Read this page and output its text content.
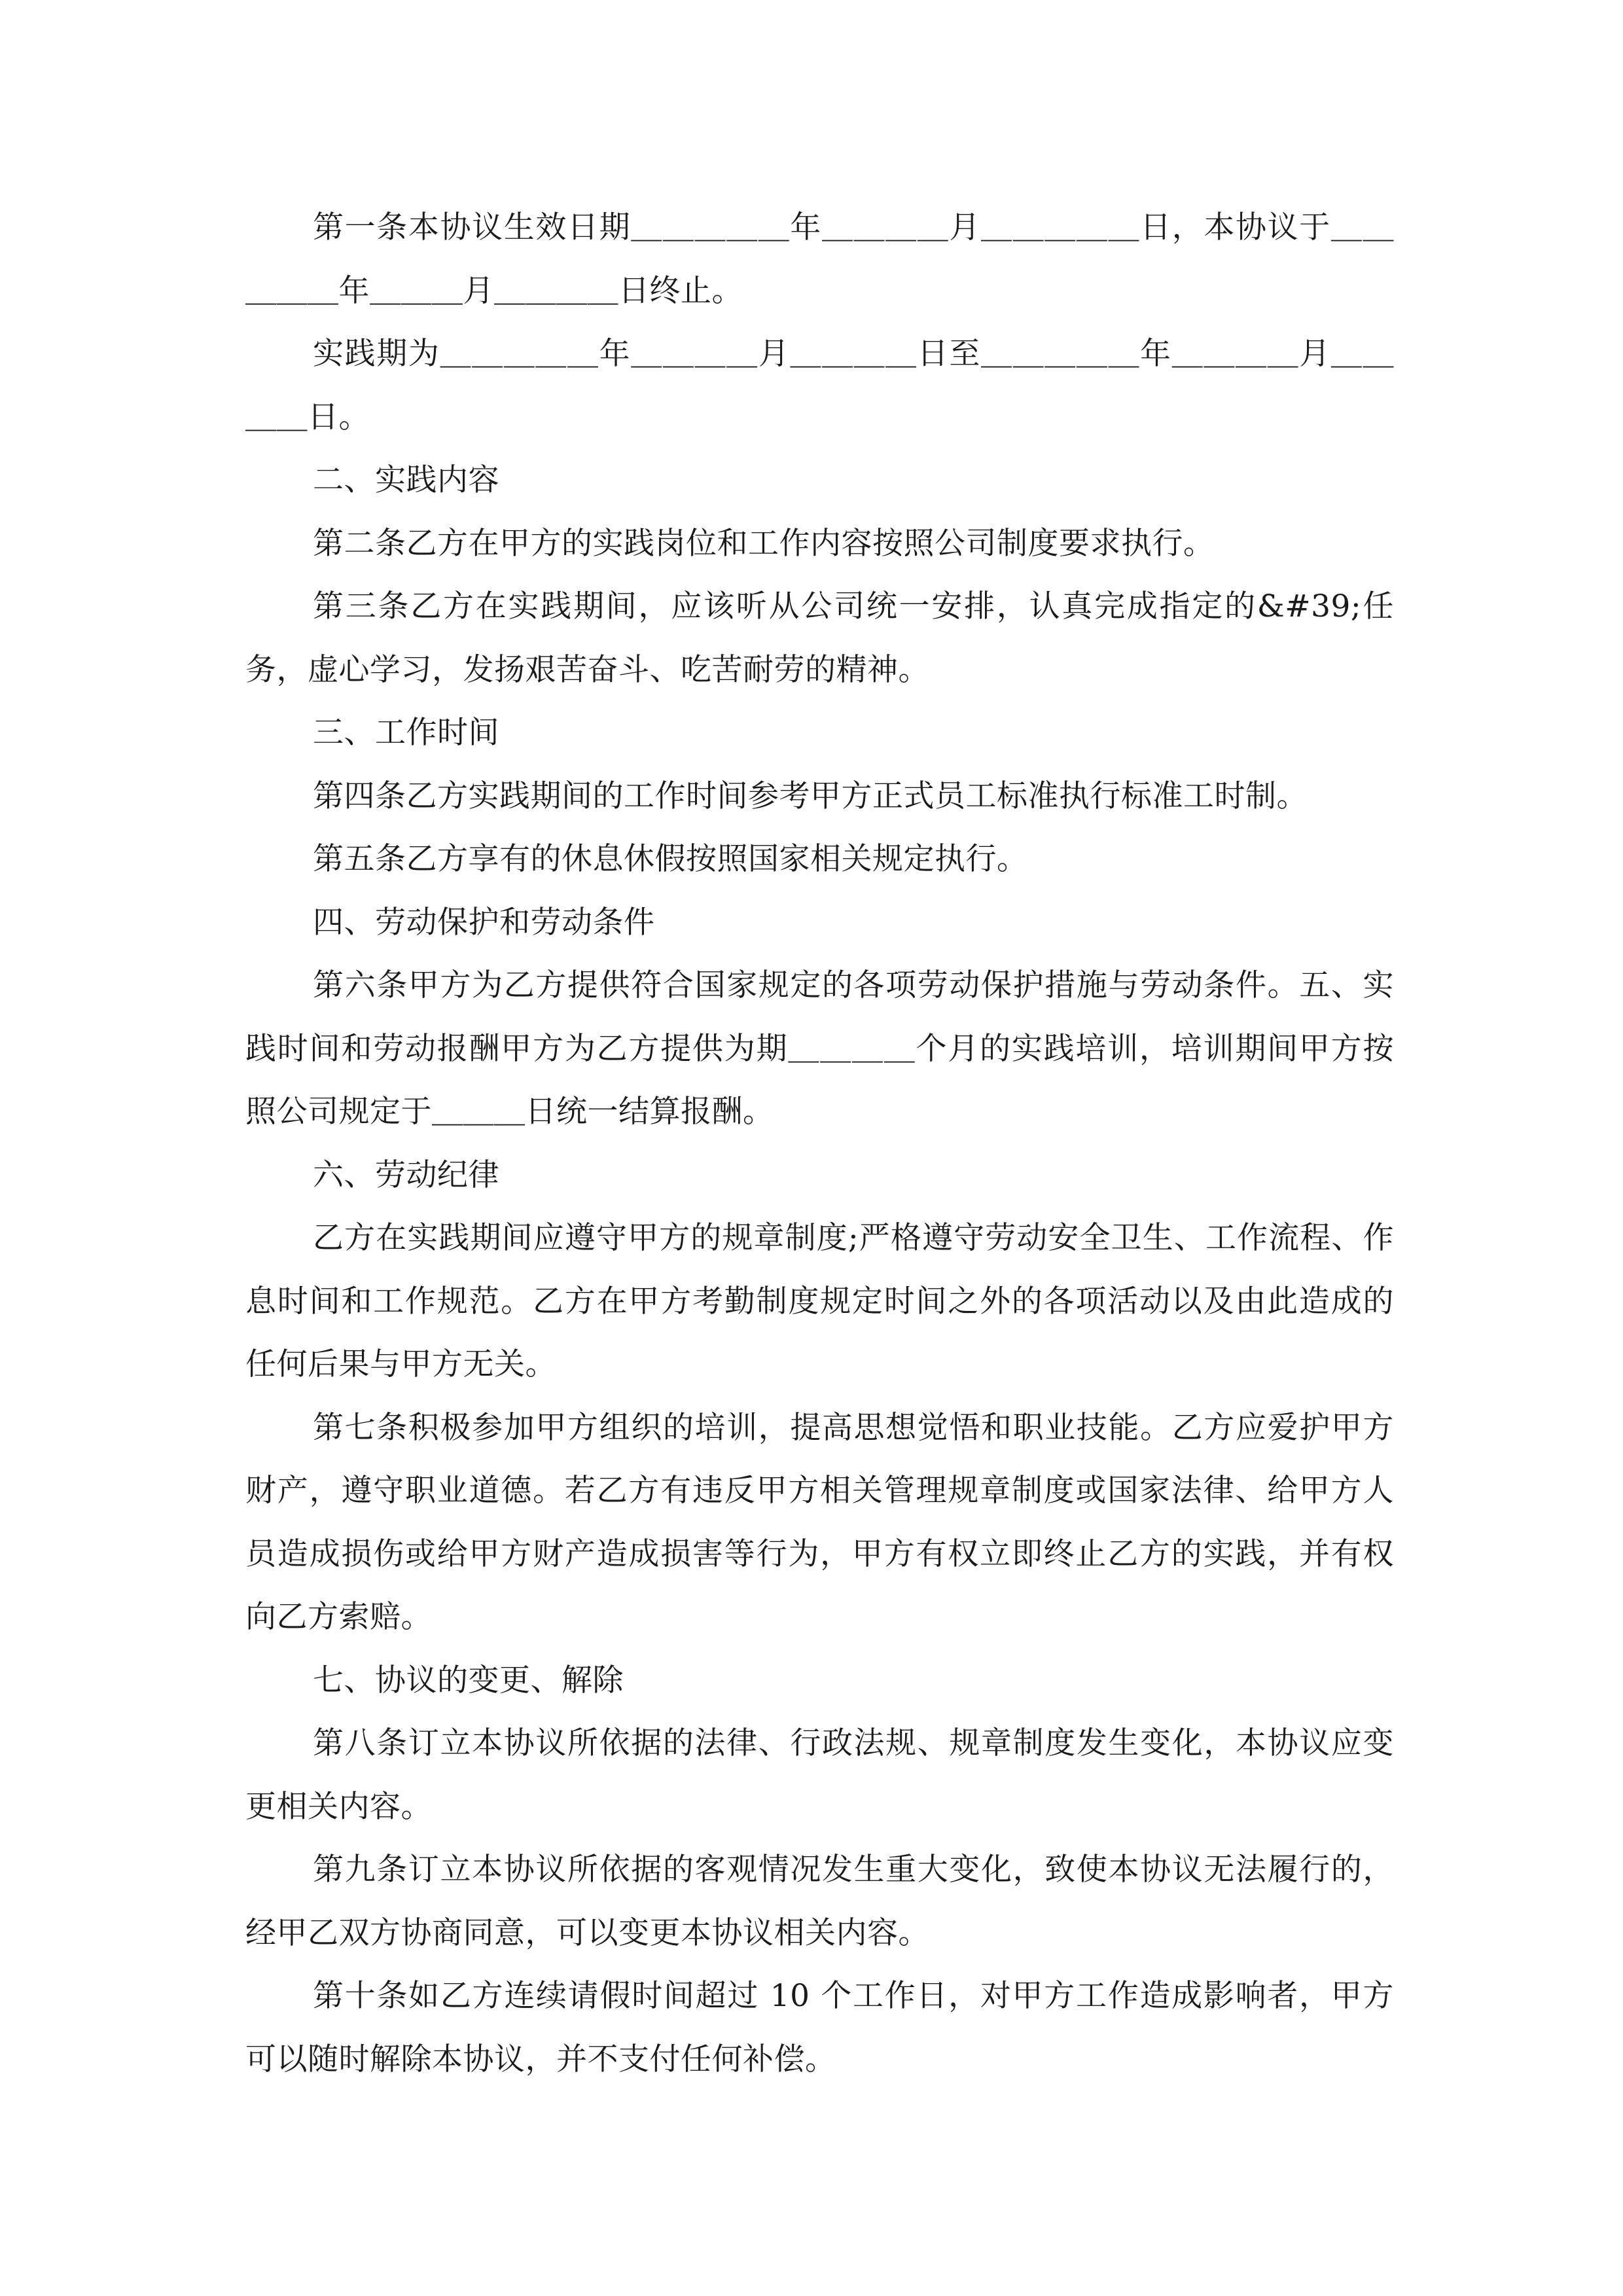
第一条本协议生效日期＿＿＿＿＿年＿＿＿＿月＿＿＿＿＿日，本协议于＿＿＿＿＿年＿＿＿月＿＿＿＿日终止。

实践期为＿＿＿＿＿年＿＿＿＿月＿＿＿＿日至＿＿＿＿＿年＿＿＿＿月＿＿＿＿日。

二、实践内容

第二条乙方在甲方的实践岗位和工作内容按照公司制度要求执行。

第三条乙方在实践期间，应该听从公司统一安排，认真完成指定的&#39;任务，虚心学习，发扬艰苦奋斗、吃苦耐劳的精神。

三、工作时间

第四条乙方实践期间的工作时间参考甲方正式员工标准执行标准工时制。

第五条乙方享有的休息休假按照国家相关规定执行。

四、劳动保护和劳动条件

第六条甲方为乙方提供符合国家规定的各项劳动保护措施与劳动条件。五、实践时间和劳动报酬甲方为乙方提供为期＿＿＿＿个月的实践培训，培训期间甲方按照公司规定于＿＿＿日统一结算报酬。

六、劳动纪律

乙方在实践期间应遵守甲方的规章制度;严格遵守劳动安全卫生、工作流程、作息时间和工作规范。乙方在甲方考勤制度规定时间之外的各项活动以及由此造成的任何后果与甲方无关。

第七条积极参加甲方组织的培训，提高思想觉悟和职业技能。乙方应爱护甲方财产，遵守职业道德。若乙方有违反甲方相关管理规章制度或国家法律、给甲方人员造成损伤或给甲方财产造成损害等行为，甲方有权立即终止乙方的实践，并有权向乙方索赔。

七、协议的变更、解除

第八条订立本协议所依据的法律、行政法规、规章制度发生变化，本协议应变更相关内容。

第九条订立本协议所依据的客观情况发生重大变化，致使本协议无法履行的，经甲乙双方协商同意，可以变更本协议相关内容。

第十条如乙方连续请假时间超过 10 个工作日，对甲方工作造成影响者，甲方可以随时解除本协议，并不支付任何补偿。
